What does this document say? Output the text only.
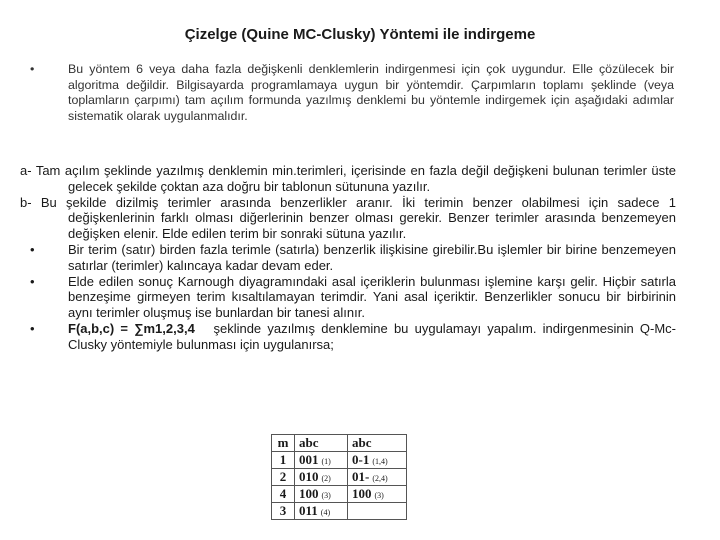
Çizelge (Quine MC-Clusky) Yöntemi ile indirgeme
•	Bu yöntem 6 veya daha fazla değişkenli denklemlerin indirgenmesi için çok uygundur. Elle çözülecek bir algoritma değildir. Bilgisayarda programlamaya uygun bir yöntemdir. Çarpımların toplamı şeklinde (veya toplamların çarpımı) tam açılım formunda yazılmış denklemi bu yöntemle indirgemek için aşağıdaki adımlar sistematik olarak uygulanmalıdır.
a- Tam açılım şeklinde yazılmış denklemin min.terimleri, içerisinde en fazla değil değişkeni bulunan terimler üste gelecek şekilde çoktan aza doğru bir tablonun sütununa yazılır.
b- Bu şekilde dizilmiş terimler arasında benzerlikler aranır. İki terimin benzer olabilmesi için sadece 1 değişkenlerinin farklı olması diğerlerinin benzer olması gerekir. Benzer terimler arasında benzemeyen değişken elenir. Elde edilen terim bir sonraki sütuna yazılır.
•	Bir terim (satır) birden fazla terimle (satırla) benzerlik ilişkisine girebilir.Bu işlemler bir birine benzemeyen satırlar (terimler) kalıncaya kadar devam eder.
•	Elde edilen sonuç Karnough diyagramındaki asal içeriklerin bulunması işlemine karşı gelir. Hiçbir satırla benzeşime girmeyen terim kısaltılamayan terimdir. Yani asal içeriktir. Benzerlikler sonucu bir birbirinin aynı terimler oluşmuş ise bunlardan bir tanesi alınır.
•	F(a,b,c) = ∑m1,2,3,4 şeklinde yazılmış denklemine bu uygulamayı yapalım. indirgenmesinin Q-Mc-Clusky yöntemiyle bulunması için uygulanırsa;
m	abc	abc
1	001 (1)	0-1 (1,4)
2	010 (2)	01- (2,4)
4	100 (3)	100 (3)
3	011 (4)	
